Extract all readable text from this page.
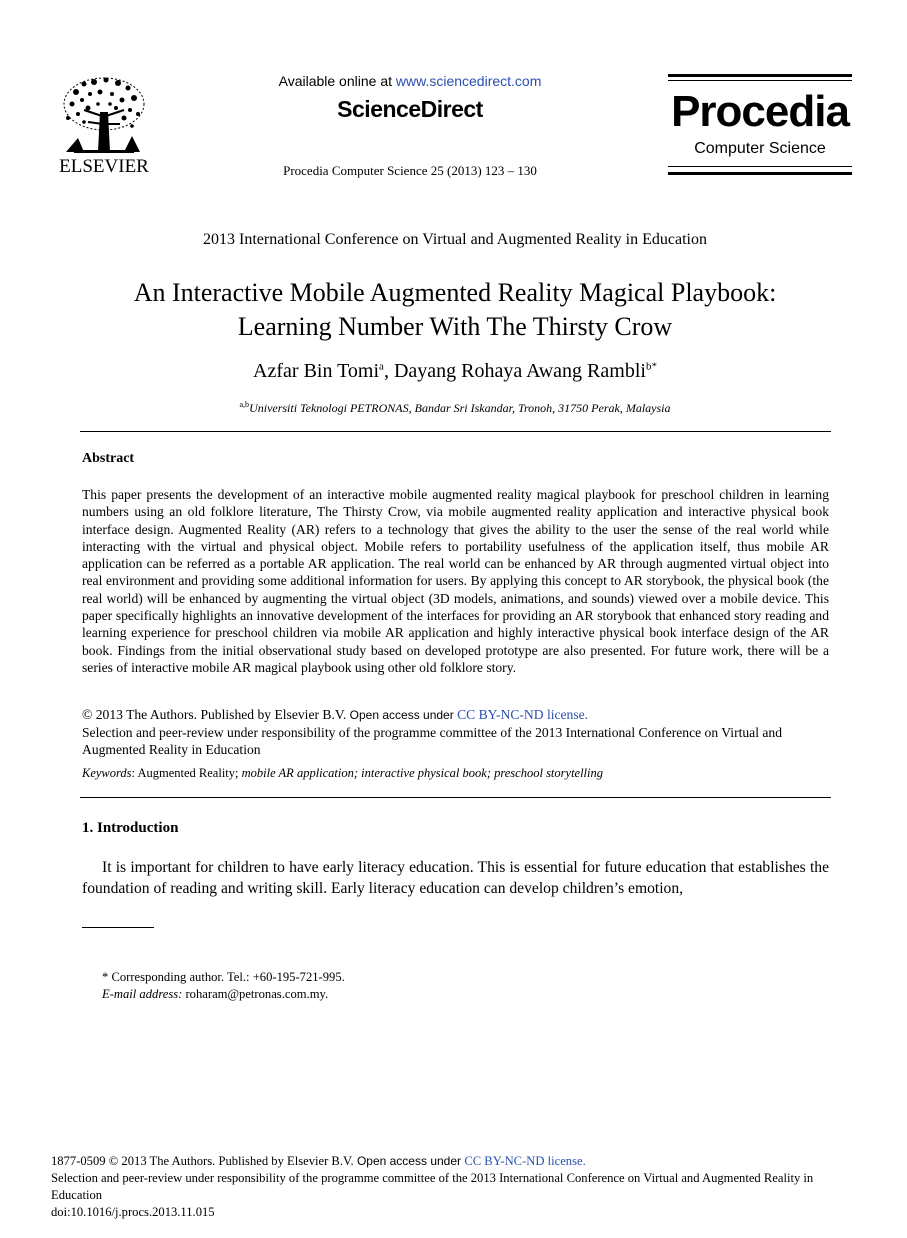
ELSEVIER
Available online at www.sciencedirect.com
ScienceDirect
Procedia Computer Science 25 (2013) 123 – 130
Procedia
Computer Science
2013 International Conference on Virtual and Augmented Reality in Education
An Interactive Mobile Augmented Reality Magical Playbook:
Learning Number With The Thirsty Crow
Azfar Bin Tomi$^a$, Dayang Rohaya Awang Rambli$^{b*}$
$^{a,b}$Universiti Teknologi PETRONAS, Bandar Sri Iskandar, Tronoh, 31750 Perak, Malaysia
Abstract
This paper presents the development of an interactive mobile augmented reality magical playbook for preschool children in learning numbers using an old folklore literature, The Thirsty Crow, via mobile augmented reality application and interactive physical book interface design. Augmented Reality (AR) refers to a technology that gives the ability to the user the sense of the real world while interacting with the virtual and physical object. Mobile refers to portability usefulness of the application itself, thus mobile AR application can be referred as a portable AR application. The real world can be enhanced by AR through augmented virtual object into real environment and providing some additional information for users. By applying this concept to AR storybook, the physical book (the real world) will be enhanced by augmenting the virtual object (3D models, animations, and sounds) viewed over a mobile device. This paper specifically highlights an innovative development of the interfaces for providing an AR storybook that enhanced story reading and learning experience for preschool children via mobile AR application and highly interactive physical book interface design of the AR book. Findings from the initial observational study based on developed prototype are also presented. For future work, there will be a series of interactive mobile AR magical playbook using other old folklore story.
© 2013 The Authors. Published by Elsevier B.V. Open access under CC BY-NC-ND license.
Selection and peer-review under responsibility of the programme committee of the 2013 International Conference on Virtual and Augmented Reality in Education
Keywords: Augmented Reality; mobile AR application; interactive physical book; preschool storytelling
1. Introduction
It is important for children to have early literacy education. This is essential for future education that establishes the foundation of reading and writing skill. Early literacy education can develop children’s emotion,
* Corresponding author. Tel.: +60-195-721-995.
E-mail address: roharam@petronas.com.my.
1877-0509 © 2013 The Authors. Published by Elsevier B.V. Open access under CC BY-NC-ND license.
Selection and peer-review under responsibility of the programme committee of the 2013 International Conference on Virtual and Augmented Reality in Education
doi:10.1016/j.procs.2013.11.015
